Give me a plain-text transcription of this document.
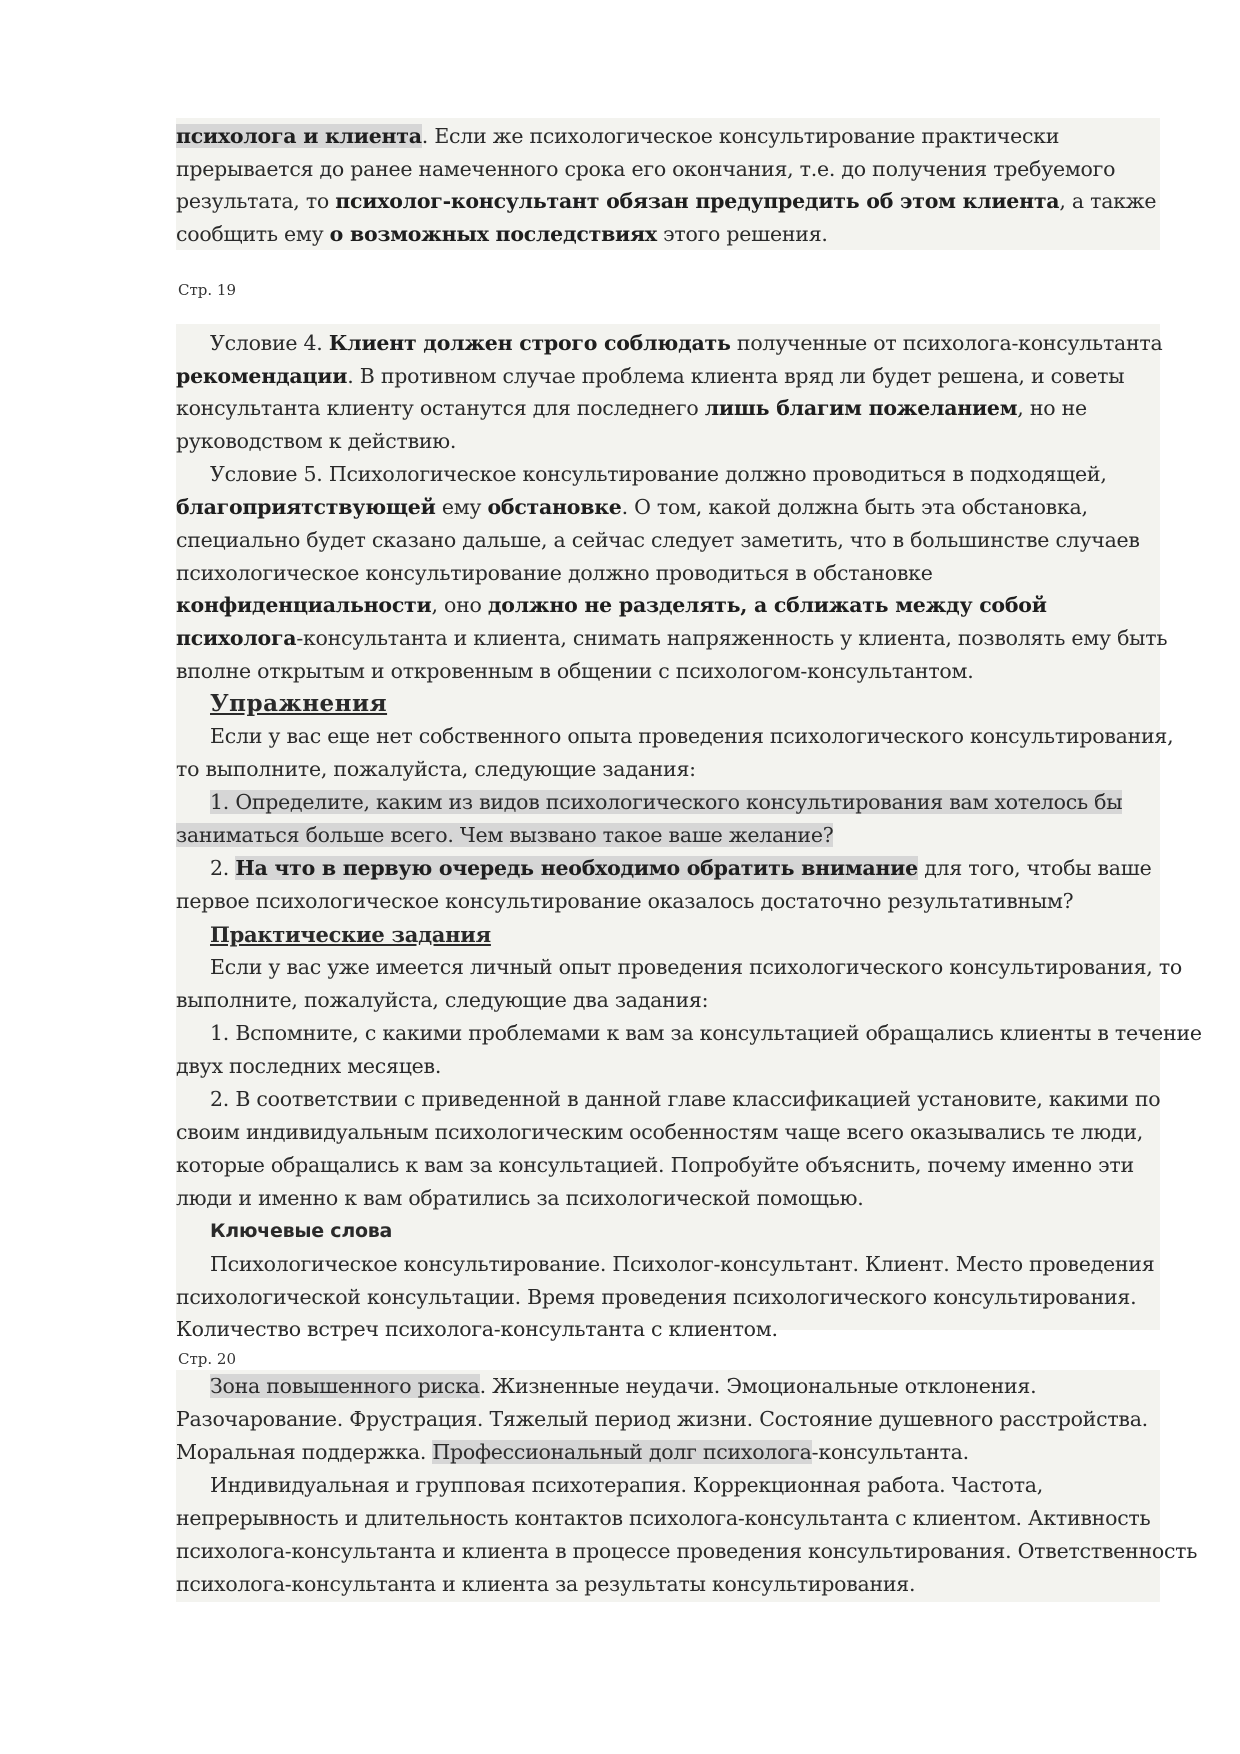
психолога и клиента. Если же психологическое консультирование практически
прерывается до ранее намеченного срока его окончания, т.е. до получения требуемого
результата, то психолог-консультант обязан предупредить об этом клиента, а также
сообщить ему о возможных последствиях этого решения.
Стр. 19
Условие 4. Клиент должен строго соблюдать полученные от психолога-консультанта
рекомендации. В противном случае проблема клиента вряд ли будет решена, и советы
консультанта клиенту останутся для последнего лишь благим пожеланием, но не
руководством к действию.
Условие 5. Психологическое консультирование должно проводиться в подходящей,
благоприятствующей ему обстановке. О том, какой должна быть эта обстановка,
специально будет сказано дальше, а сейчас следует заметить, что в большинстве случаев
психологическое консультирование должно проводиться в обстановке
конфиденциальности, оно должно не разделять, а сближать между собой
психолога-консультанта и клиента, снимать напряженность у клиента, позволять ему быть
вполне открытым и откровенным в общении с психологом-консультантом.
Упражнения
Если у вас еще нет собственного опыта проведения психологического консультирования,
то выполните, пожалуйста, следующие задания:
1. Определите, каким из видов психологического консультирования вам хотелось бы
заниматься больше всего. Чем вызвано такое ваше желание?
2. На что в первую очередь необходимо обратить внимание для того, чтобы ваше
первое психологическое консультирование оказалось достаточно результативным?
Практические задания
Если у вас уже имеется личный опыт проведения психологического консультирования, то
выполните, пожалуйста, следующие два задания:
1. Вспомните, с какими проблемами к вам за консультацией обращались клиенты в течение
двух последних месяцев.
2. В соответствии с приведенной в данной главе классификацией установите, какими по
своим индивидуальным психологическим особенностям чаще всего оказывались те люди,
которые обращались к вам за консультацией. Попробуйте объяснить, почему именно эти
люди и именно к вам обратились за психологической помощью.
Ключевые слова
Психологическое консультирование. Психолог-консультант. Клиент. Место проведения
психологической консультации. Время проведения психологического консультирования.
Количество встреч психолога-консультанта с клиентом.
Стр. 20
Зона повышенного риска. Жизненные неудачи. Эмоциональные отклонения.
Разочарование. Фрустрация. Тяжелый период жизни. Состояние душевного расстройства.
Моральная поддержка. Профессиональный долг психолога-консультанта.
Индивидуальная и групповая психотерапия. Коррекционная работа. Частота,
непрерывность и длительность контактов психолога-консультанта с клиентом. Активность
психолога-консультанта и клиента в процессе проведения консультирования. Ответственность
психолога-консультанта и клиента за результаты консультирования.
